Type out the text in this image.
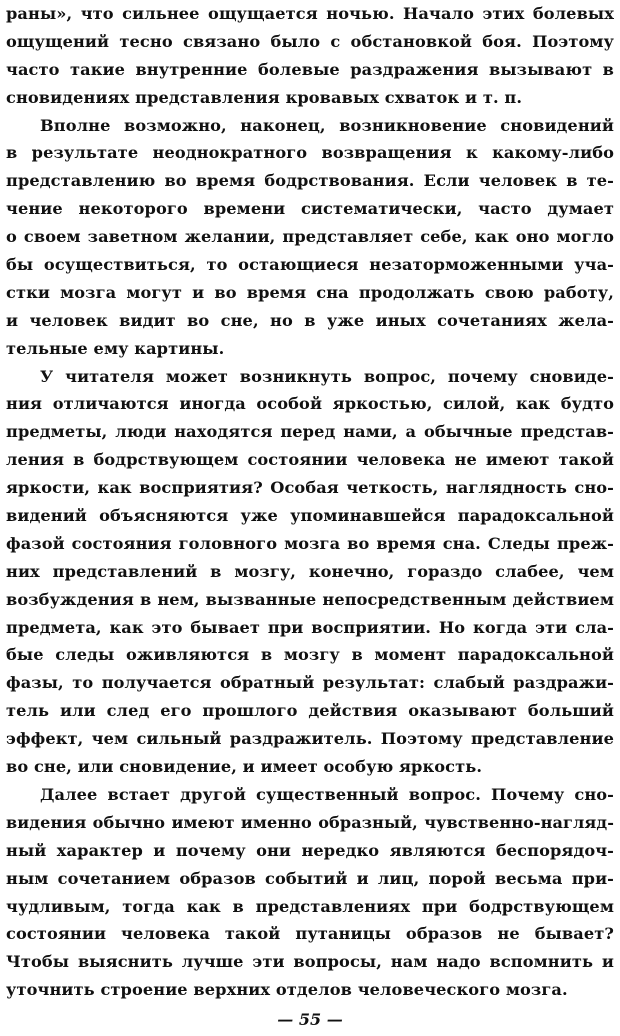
раны», что сильнее ощущается ночью. Начало этих болевых
ощущений тесно связано было с обстановкой боя. Поэтому
часто такие внутренние болевые раздражения вызывают в
сновидениях представления кровавых схваток и т. п.
Вполне возможно, наконец, возникновение сновидений
в результате неоднократного возвращения к какому-либо
представлению во время бодрствования. Если человек в те-
чение некоторого времени систематически, часто думает
о своем заветном желании, представляет себе, как оно могло
бы осуществиться, то остающиеся незаторможенными уча-
стки мозга могут и во время сна продолжать свою работу,
и человек видит во сне, но в уже иных сочетаниях жела-
тельные ему картины.
У читателя может возникнуть вопрос, почему сновиде-
ния отличаются иногда особой яркостью, силой, как будто
предметы, люди находятся перед нами, а обычные представ-
ления в бодрствующем состоянии человека не имеют такой
яркости, как восприятия? Особая четкость, наглядность сно-
видений объясняются уже упоминавшейся парадоксальной
фазой состояния головного мозга во время сна. Следы преж-
них представлений в мозгу, конечно, гораздо слабее, чем
возбуждения в нем, вызванные непосредственным действием
предмета, как это бывает при восприятии. Но когда эти сла-
бые следы оживляются в мозгу в момент парадоксальной
фазы, то получается обратный результат: слабый раздражи-
тель или след его прошлого действия оказывают больший
эффект, чем сильный раздражитель. Поэтому представление
во сне, или сновидение, и имеет особую яркость.
Далее встает другой существенный вопрос. Почему сно-
видения обычно имеют именно образный, чувственно-нагляд-
ный характер и почему они нередко являются беспорядоч-
ным сочетанием образов событий и лиц, порой весьма при-
чудливым, тогда как в представлениях при бодрствующем
состоянии человека такой путаницы образов не бывает?
Чтобы выяснить лучше эти вопросы, нам надо вспомнить и
уточнить строение верхних отделов человеческого мозга.
— 55 —
